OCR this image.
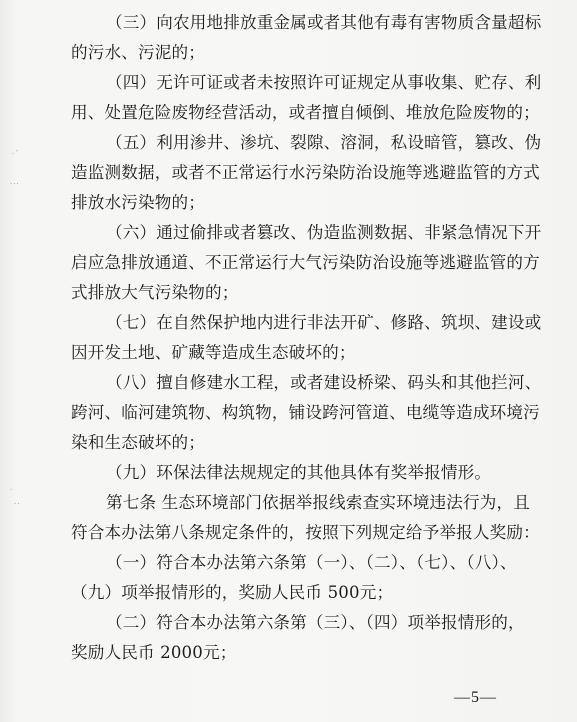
·¨
‧‧‧
·
‧‧
（三）向农用地排放重金属或者其他有毒有害物质含量超标
的污水、污泥的；
（四）无许可证或者未按照许可证规定从事收集、贮存、利
用、处置危险废物经营活动，或者擅自倾倒、堆放危险废物的；
（五）利用渗井、渗坑、裂隙、溶洞，私设暗管，篡改、伪
造监测数据，或者不正常运行水污染防治设施等逃避监管的方式
排放水污染物的；
（六）通过偷排或者篡改、伪造监测数据、非紧急情况下开
启应急排放通道、不正常运行大气污染防治设施等逃避监管的方
式排放大气污染物的；
（七）在自然保护地内进行非法开矿、修路、筑坝、建设或
因开发土地、矿藏等造成生态破坏的；
（八）擅自修建水工程，或者建设桥梁、码头和其他拦河、
跨河、临河建筑物、构筑物，铺设跨河管道、电缆等造成环境污
染和生态破坏的；
（九）环保法律法规规定的其他具体有奖举报情形。
第七条 生态环境部门依据举报线索查实环境违法行为，且
符合本办法第八条规定条件的，按照下列规定给予举报人奖励：
（一）符合本办法第六条第（一）、（二）、（七）、（八）、
（九）项举报情形的，奖励人民币 500元；
（二）符合本办法第六条第（三）、（四）项举报情形的，
奖励人民币 2000元；
—5—
